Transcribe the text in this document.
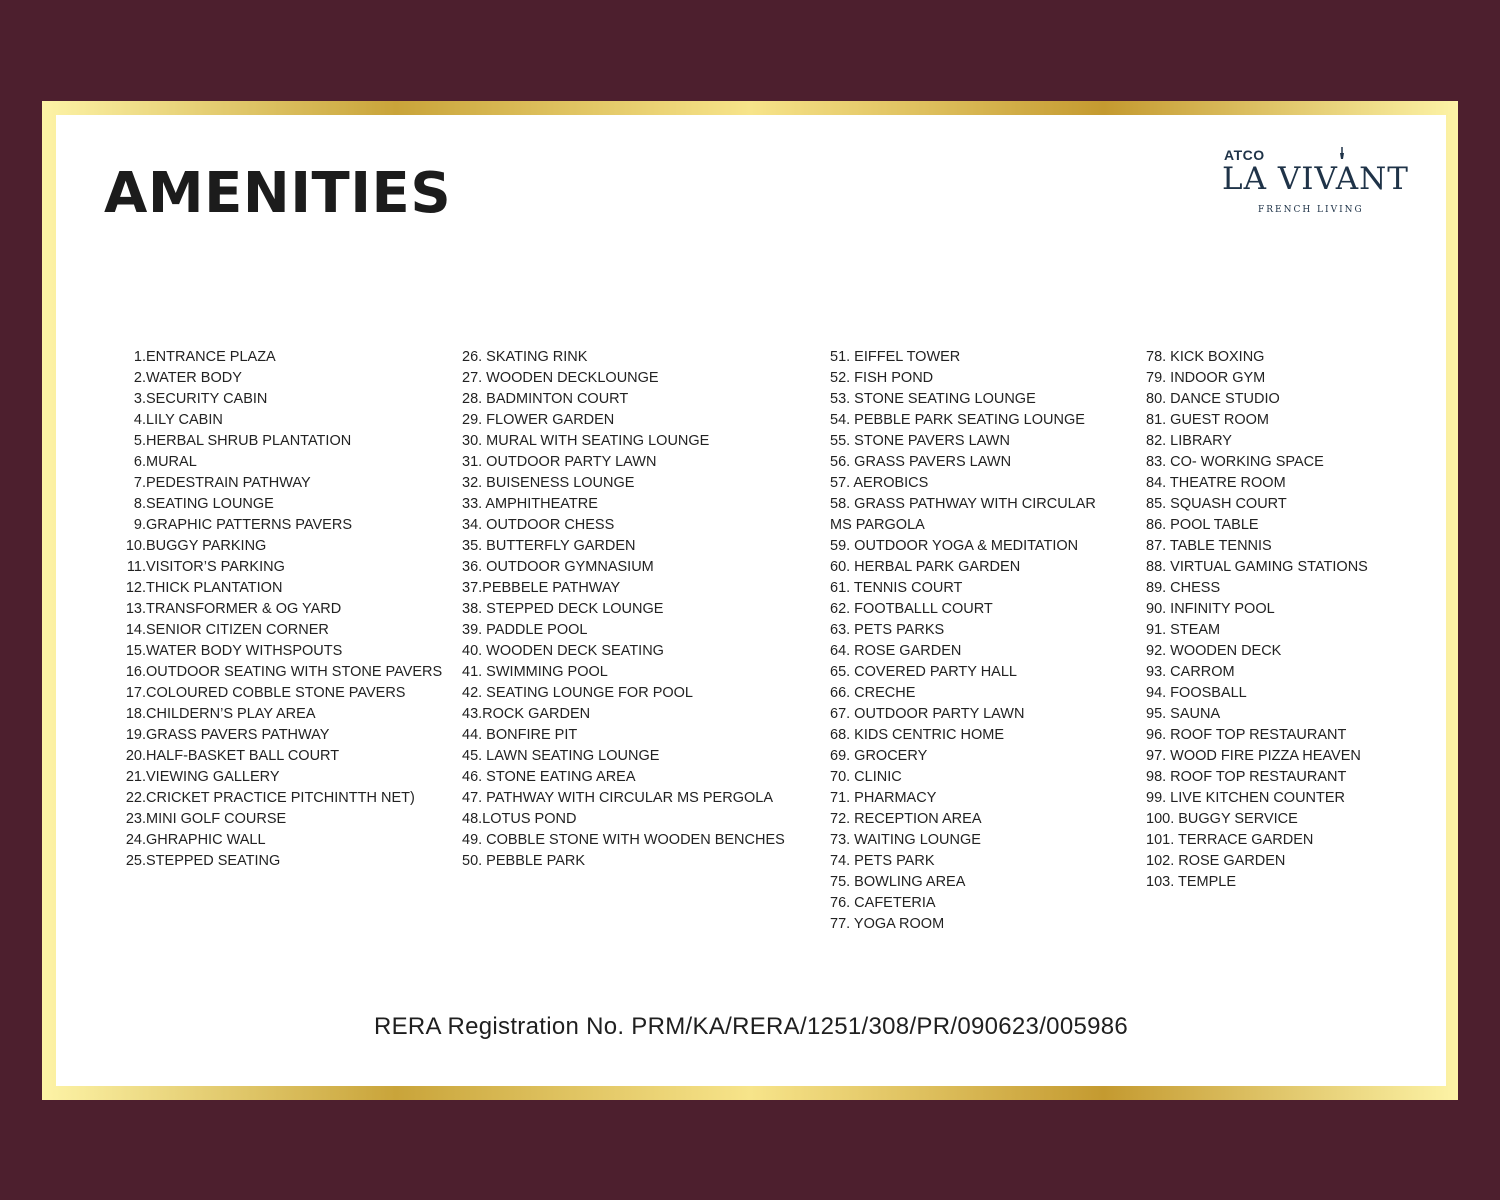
AMENITIES
ATCO
LA VIVANT
FRENCH LIVING
1. ENTRANCE PLAZA
2. WATER BODY
3. SECURITY CABIN
4. LILY CABIN
5. HERBAL SHRUB PLANTATION
6. MURAL
7. PEDESTRAIN PATHWAY
8. SEATING LOUNGE
9. GRAPHIC PATTERNS PAVERS
10. BUGGY PARKING
11. VISITOR’S PARKING
12. THICK PLANTATION
13. TRANSFORMER & OG YARD
14. SENIOR CITIZEN CORNER
15. WATER BODY WITHSPOUTS
16. OUTDOOR SEATING WITH STONE PAVERS
17. COLOURED COBBLE STONE PAVERS
18. CHILDERN’S PLAY AREA
19. GRASS PAVERS PATHWAY
20. HALF-BASKET BALL COURT
21. VIEWING GALLERY
22. CRICKET PRACTICE PITCHINTTH NET)
23. MINI GOLF COURSE
24. GHRAPHIC WALL
25. STEPPED SEATING
26. SKATING RINK
27. WOODEN DECKLOUNGE
28. BADMINTON COURT
29. FLOWER GARDEN
30. MURAL WITH SEATING LOUNGE
31. OUTDOOR PARTY LAWN
32. BUISENESS LOUNGE
33. AMPHITHEATRE
34. OUTDOOR CHESS
35. BUTTERFLY GARDEN
36. OUTDOOR GYMNASIUM
37.PEBBELE PATHWAY
38. STEPPED DECK LOUNGE
39. PADDLE POOL
40. WOODEN DECK SEATING
41. SWIMMING POOL
42. SEATING LOUNGE FOR POOL
43.ROCK GARDEN
44. BONFIRE PIT
45. LAWN SEATING LOUNGE
46. STONE EATING AREA
47. PATHWAY WITH CIRCULAR MS PERGOLA
48.LOTUS POND
49. COBBLE STONE WITH WOODEN BENCHES
50. PEBBLE PARK
51. EIFFEL TOWER
52. FISH POND
53. STONE SEATING LOUNGE
54. PEBBLE PARK SEATING LOUNGE
55. STONE PAVERS LAWN
56. GRASS PAVERS LAWN
57. AEROBICS
58. GRASS PATHWAY WITH CIRCULAR
MS PARGOLA
59. OUTDOOR YOGA & MEDITATION
60. HERBAL PARK GARDEN
61. TENNIS COURT
62. FOOTBALLL COURT
63. PETS PARKS
64. ROSE GARDEN
65. COVERED PARTY HALL
66. CRECHE
67. OUTDOOR PARTY LAWN
68. KIDS CENTRIC HOME
69. GROCERY
70. CLINIC
71. PHARMACY
72. RECEPTION AREA
73. WAITING LOUNGE
74. PETS PARK
75. BOWLING AREA
76. CAFETERIA
77. YOGA ROOM
78. KICK BOXING
79. INDOOR GYM
80. DANCE STUDIO
81. GUEST ROOM
82. LIBRARY
83. CO- WORKING SPACE
84. THEATRE ROOM
85. SQUASH COURT
86. POOL TABLE
87. TABLE TENNIS
88. VIRTUAL GAMING STATIONS
89. CHESS
90. INFINITY POOL
91. STEAM
92. WOODEN DECK
93. CARROM
94. FOOSBALL
95. SAUNA
96. ROOF TOP RESTAURANT
97. WOOD FIRE PIZZA HEAVEN
98. ROOF TOP RESTAURANT
99. LIVE KITCHEN COUNTER
100. BUGGY SERVICE
101. TERRACE GARDEN
102. ROSE GARDEN
103. TEMPLE
RERA Registration No. PRM/KA/RERA/1251/308/PR/090623/005986
